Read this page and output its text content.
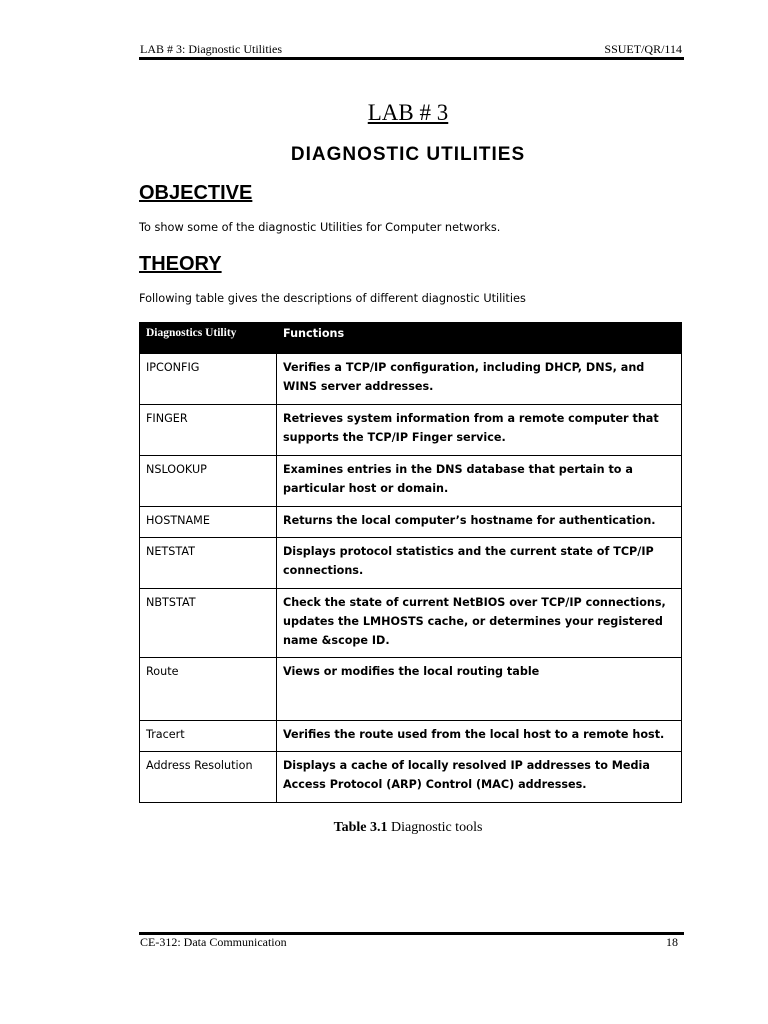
LAB # 3: Diagnostic Utilities	SSUET/QR/114
LAB # 3
DIAGNOSTIC UTILITIES
OBJECTIVE
To show some of the diagnostic Utilities for Computer networks.
THEORY
Following table gives the descriptions of different diagnostic Utilities
Diagnostics Utility	Functions
IPCONFIG	Verifies a TCP/IP configuration, including DHCP, DNS, and WINS server addresses.
FINGER	Retrieves system information from a remote computer that supports the TCP/IP Finger service.
NSLOOKUP	Examines entries in the DNS database that pertain to a particular host or domain.
HOSTNAME	Returns the local computer’s hostname for authentication.
NETSTAT	Displays protocol statistics and the current state of TCP/IP connections.
NBTSTAT	Check the state of current NetBIOS over TCP/IP connections, updates the LMHOSTS cache, or determines your registered name &scope ID.
Route	Views or modifies the local routing table
Tracert	Verifies the route used from the local host to a remote host.
Address Resolution	Displays a cache of locally resolved IP addresses to Media Access Protocol (ARP) Control (MAC) addresses.
Table 3.1 Diagnostic tools
CE-312: Data Communication	18
